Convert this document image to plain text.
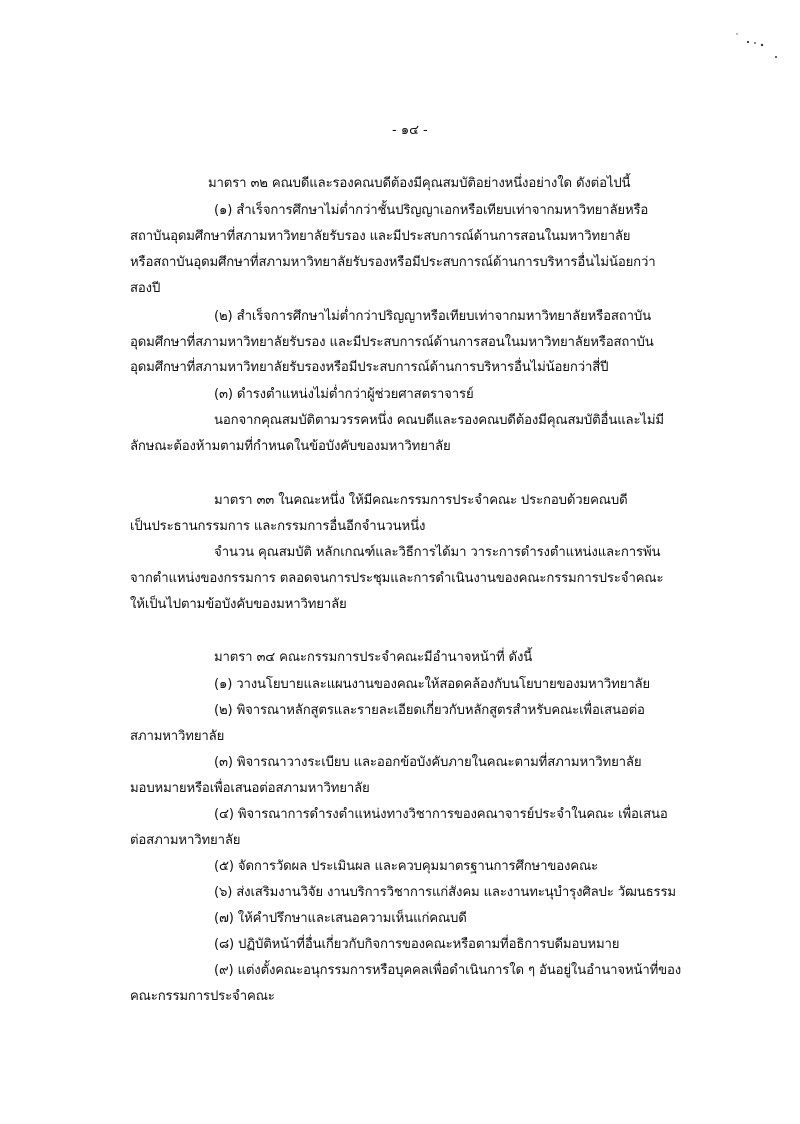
- ๑๔ -
มาตรา ๓๒ คณบดีและรองคณบดีต้องมีคุณสมบัติอย่างหนึ่งอย่างใด ดังต่อไปนี้
(๑) สำเร็จการศึกษาไม่ต่ำกว่าชั้นปริญญาเอกหรือเทียบเท่าจากมหาวิทยาลัยหรือ
สถาบันอุดมศึกษาที่สภามหาวิทยาลัยรับรอง และมีประสบการณ์ด้านการสอนในมหาวิทยาลัย
หรือสถาบันอุดมศึกษาที่สภามหาวิทยาลัยรับรองหรือมีประสบการณ์ด้านการบริหารอื่นไม่น้อยกว่า
สองปี
(๒) สำเร็จการศึกษาไม่ต่ำกว่าปริญญาหรือเทียบเท่าจากมหาวิทยาลัยหรือสถาบัน
อุดมศึกษาที่สภามหาวิทยาลัยรับรอง และมีประสบการณ์ด้านการสอนในมหาวิทยาลัยหรือสถาบัน
อุดมศึกษาที่สภามหาวิทยาลัยรับรองหรือมีประสบการณ์ด้านการบริหารอื่นไม่น้อยกว่าสี่ปี
(๓) ดำรงตำแหน่งไม่ต่ำกว่าผู้ช่วยศาสตราจารย์
นอกจากคุณสมบัติตามวรรคหนึ่ง คณบดีและรองคณบดีต้องมีคุณสมบัติอื่นและไม่มี
ลักษณะต้องห้ามตามที่กำหนดในข้อบังคับของมหาวิทยาลัย
มาตรา ๓๓ ในคณะหนึ่ง ให้มีคณะกรรมการประจำคณะ ประกอบด้วยคณบดี
เป็นประธานกรรมการ และกรรมการอื่นอีกจำนวนหนึ่ง
จำนวน คุณสมบัติ หลักเกณฑ์และวิธีการได้มา วาระการดำรงตำแหน่งและการพ้น
จากตำแหน่งของกรรมการ ตลอดจนการประชุมและการดำเนินงานของคณะกรรมการประจำคณะ
ให้เป็นไปตามข้อบังคับของมหาวิทยาลัย
มาตรา ๓๔ คณะกรรมการประจำคณะมีอำนาจหน้าที่ ดังนี้
(๑) วางนโยบายและแผนงานของคณะให้สอดคล้องกับนโยบายของมหาวิทยาลัย
(๒) พิจารณาหลักสูตรและรายละเอียดเกี่ยวกับหลักสูตรสำหรับคณะเพื่อเสนอต่อ
สภามหาวิทยาลัย
(๓) พิจารณาวางระเบียบ และออกข้อบังคับภายในคณะตามที่สภามหาวิทยาลัย
มอบหมายหรือเพื่อเสนอต่อสภามหาวิทยาลัย
(๔) พิจารณาการดำรงตำแหน่งทางวิชาการของคณาจารย์ประจำในคณะ เพื่อเสนอ
ต่อสภามหาวิทยาลัย
(๕) จัดการวัดผล ประเมินผล และควบคุมมาตรฐานการศึกษาของคณะ
(๖) ส่งเสริมงานวิจัย งานบริการวิชาการแก่สังคม และงานทะนุบำรุงศิลปะ วัฒนธรรม
(๗) ให้คำปรึกษาและเสนอความเห็นแก่คณบดี
(๘) ปฏิบัติหน้าที่อื่นเกี่ยวกับกิจการของคณะหรือตามที่อธิการบดีมอบหมาย
(๙) แต่งตั้งคณะอนุกรรมการหรือบุคคลเพื่อดำเนินการใด ๆ อันอยู่ในอำนาจหน้าที่ของ
คณะกรรมการประจำคณะ
